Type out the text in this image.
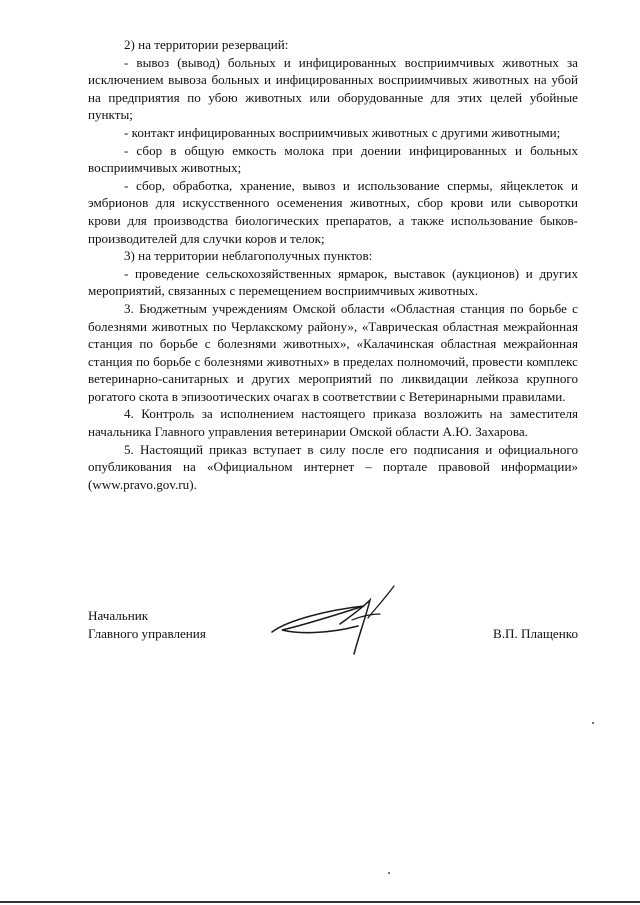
2) на территории резерваций:

- вывоз (вывод) больных и инфицированных восприимчивых животных за исключением вывоза больных и инфицированных восприимчивых животных на убой на предприятия по убою животных или оборудованные для этих целей убойные пункты;

- контакт инфицированных восприимчивых животных с другими животными;

- сбор в общую емкость молока при доении инфицированных и больных восприимчивых животных;

- сбор, обработка, хранение, вывоз и использование спермы, яйцеклеток и эмбрионов для искусственного осеменения животных, сбор крови или сыворотки крови для производства биологических препаратов, а также использование быков-производителей для случки коров и телок;

3) на территории неблагополучных пунктов:

- проведение сельскохозяйственных ярмарок, выставок (аукционов) и других мероприятий, связанных с перемещением восприимчивых животных.

3. Бюджетным учреждениям Омской области «Областная станция по борьбе с болезнями животных по Черлакскому району», «Таврическая областная межрайонная станция по борьбе с болезнями животных», «Калачинская областная межрайонная станция по борьбе с болезнями животных» в пределах полномочий, провести комплекс ветеринарно-санитарных и других мероприятий по ликвидации лейкоза крупного рогатого скота в эпизоотических очагах в соответствии с Ветеринарными правилами.

4. Контроль за исполнением настоящего приказа возложить на заместителя начальника Главного управления ветеринарии Омской области А.Ю. Захарова.

5. Настоящий приказ вступает в силу после его подписания и официального опубликования на «Официальном интернет – портале правовой информации» (www.pravo.gov.ru).

Начальник
Главного управления	В.П. Плащенко
